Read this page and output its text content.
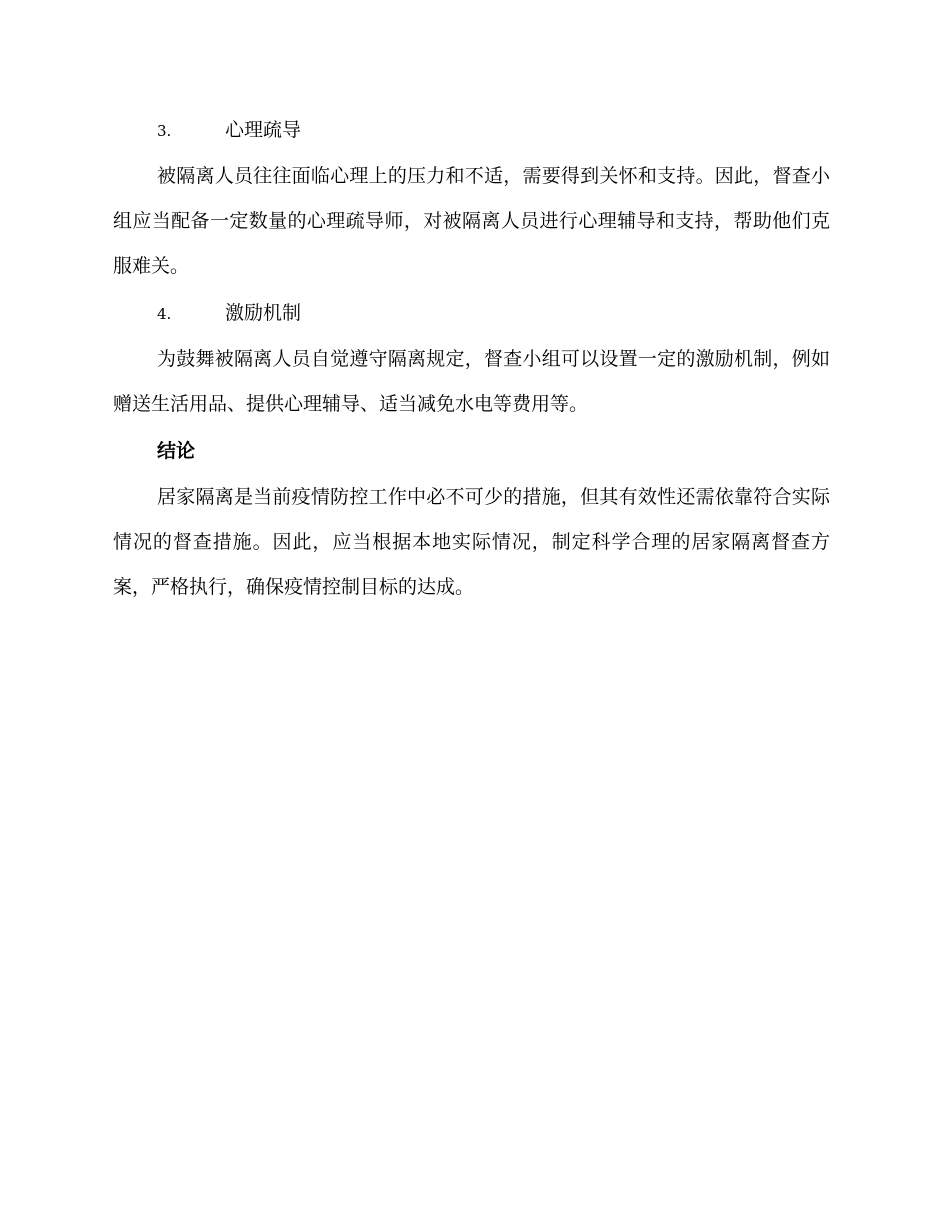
3.	心理疏导

被隔离人员往往面临心理上的压力和不适，需要得到关怀和支持。因此，督查小组应当配备一定数量的心理疏导师，对被隔离人员进行心理辅导和支持，帮助他们克服难关。

4.	激励机制

为鼓舞被隔离人员自觉遵守隔离规定，督查小组可以设置一定的激励机制，例如赠送生活用品、提供心理辅导、适当减免水电等费用等。

结论

居家隔离是当前疫情防控工作中必不可少的措施，但其有效性还需依靠符合实际情况的督查措施。因此，应当根据本地实际情况，制定科学合理的居家隔离督查方案，严格执行，确保疫情控制目标的达成。
